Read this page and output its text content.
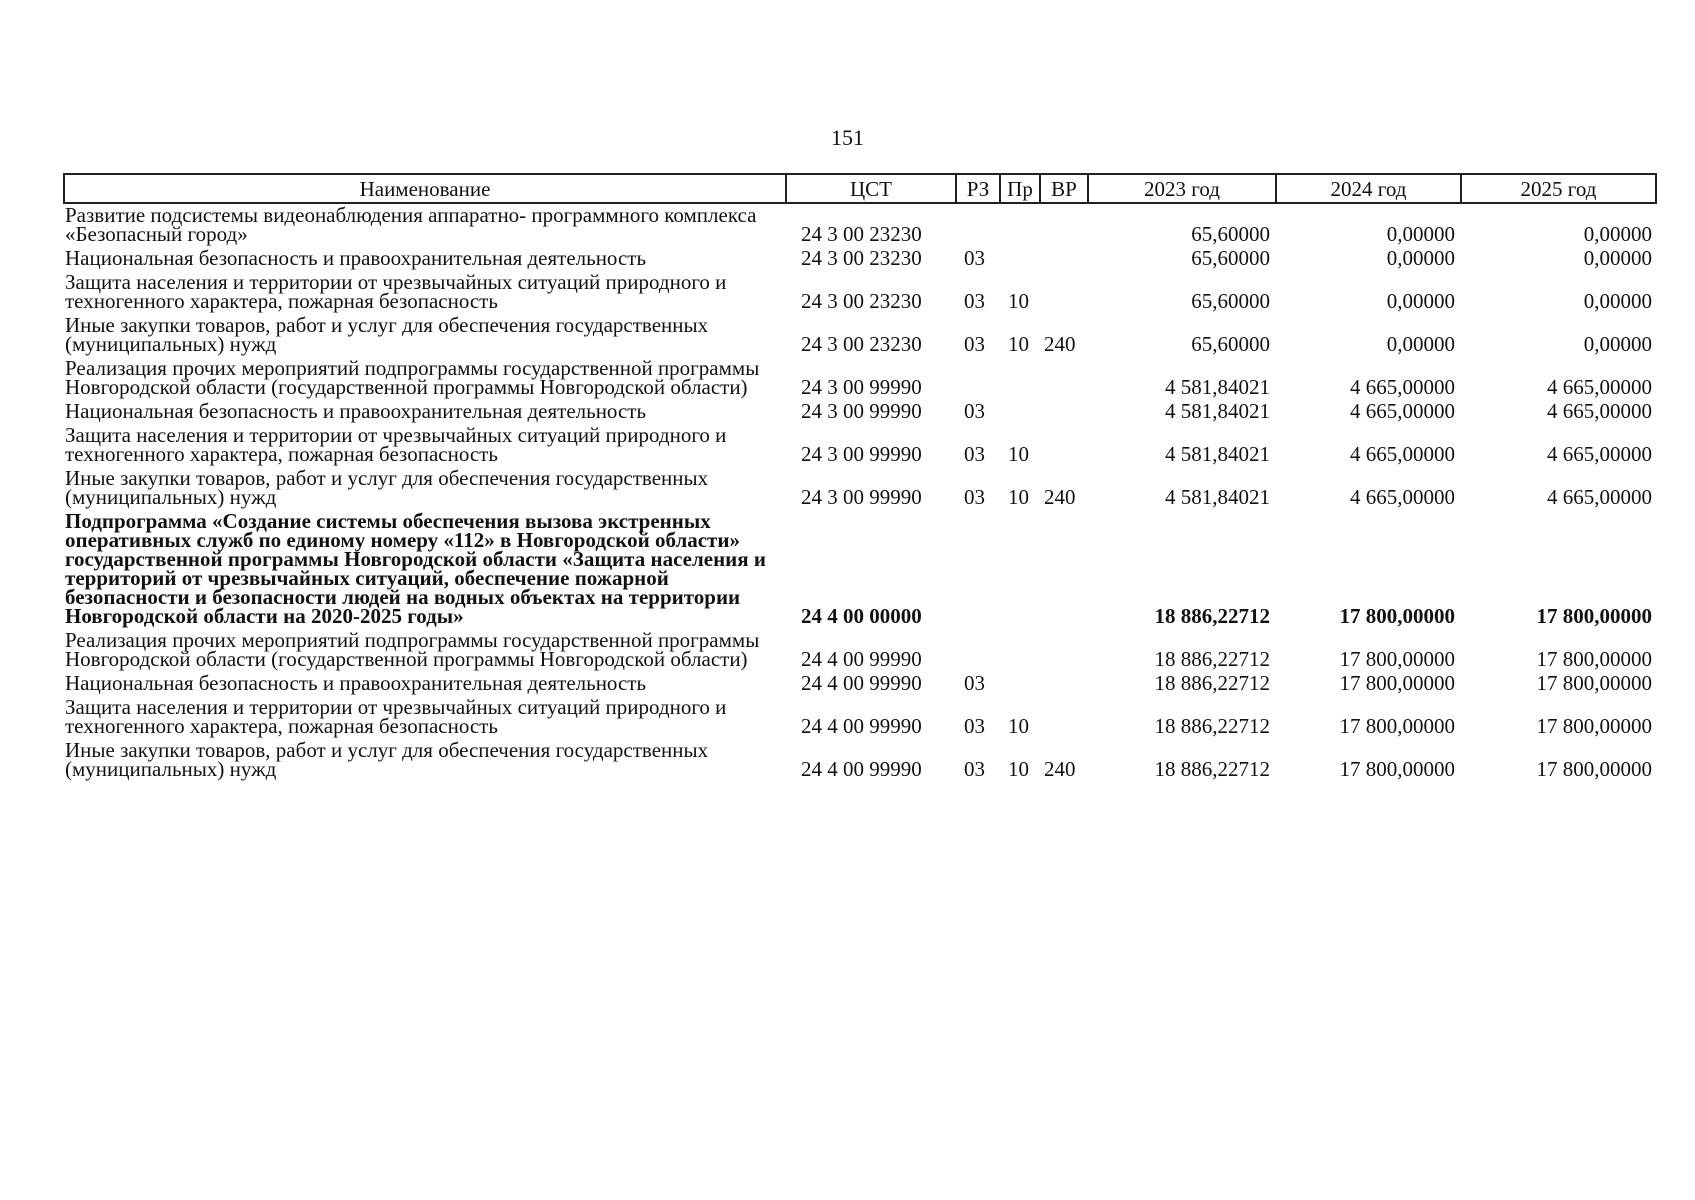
151
Наименование	ЦСТ	РЗ	Пр	ВР	2023 год	2024 год	2025 год
Развитие подсистемы видеонаблюдения аппаратно- программного комплекса «Безопасный город»	24 3 00 23230				65,60000	0,00000	0,00000
Национальная безопасность и правоохранительная деятельность	24 3 00 23230	03			65,60000	0,00000	0,00000
Защита населения и территории от чрезвычайных ситуаций природного и техногенного характера, пожарная безопасность	24 3 00 23230	03	10		65,60000	0,00000	0,00000
Иные закупки товаров, работ и услуг для обеспечения государственных (муниципальных) нужд	24 3 00 23230	03	10	240	65,60000	0,00000	0,00000
Реализация прочих мероприятий подпрограммы государственной программы Новгородской области (государственной программы Новгородской области)	24 3 00 99990				4 581,84021	4 665,00000	4 665,00000
Национальная безопасность и правоохранительная деятельность	24 3 00 99990	03			4 581,84021	4 665,00000	4 665,00000
Защита населения и территории от чрезвычайных ситуаций природного и техногенного характера, пожарная безопасность	24 3 00 99990	03	10		4 581,84021	4 665,00000	4 665,00000
Иные закупки товаров, работ и услуг для обеспечения государственных (муниципальных) нужд	24 3 00 99990	03	10	240	4 581,84021	4 665,00000	4 665,00000
Подпрограмма «Создание системы обеспечения вызова экстренных оперативных служб по единому номеру «112» в Новгородской области» государственной программы Новгородской области «Защита населения и территорий от чрезвычайных ситуаций, обеспечение пожарной безопасности и безопасности людей на водных объектах на территории Новгородской области на 2020-2025 годы»	24 4 00 00000				18 886,22712	17 800,00000	17 800,00000
Реализация прочих мероприятий подпрограммы государственной программы Новгородской области (государственной программы Новгородской области)	24 4 00 99990				18 886,22712	17 800,00000	17 800,00000
Национальная безопасность и правоохранительная деятельность	24 4 00 99990	03			18 886,22712	17 800,00000	17 800,00000
Защита населения и территории от чрезвычайных ситуаций природного и техногенного характера, пожарная безопасность	24 4 00 99990	03	10		18 886,22712	17 800,00000	17 800,00000
Иные закупки товаров, работ и услуг для обеспечения государственных (муниципальных) нужд	24 4 00 99990	03	10	240	18 886,22712	17 800,00000	17 800,00000
